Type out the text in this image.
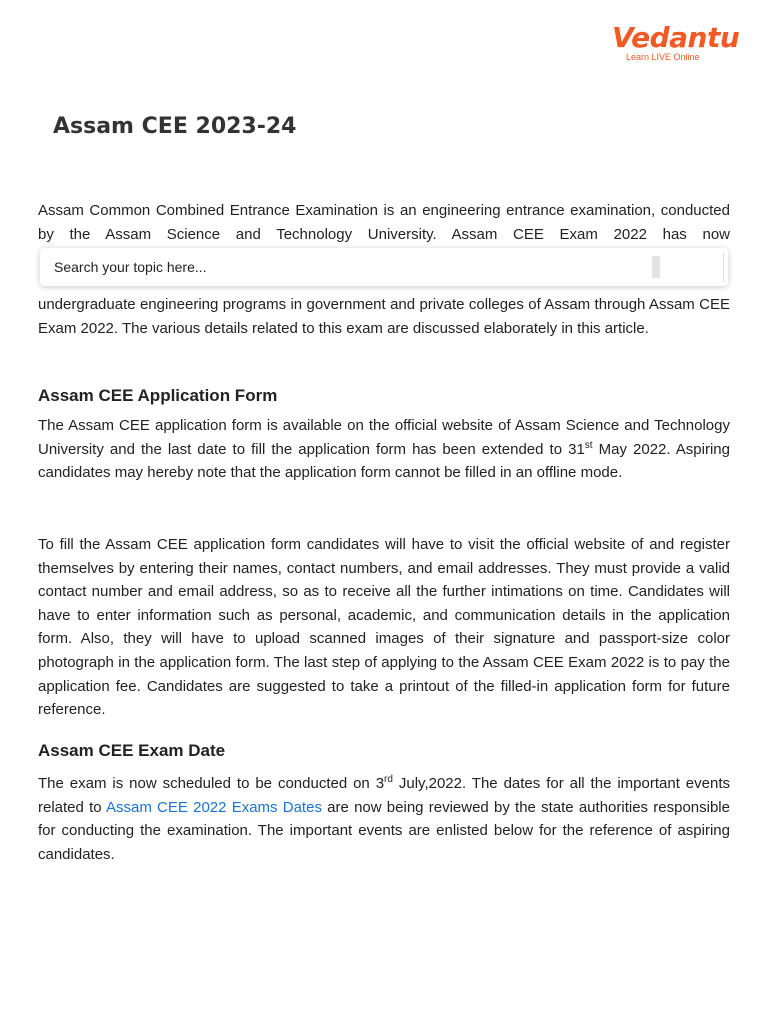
Vedantu
Learn LIVE Online
Assam CEE 2023-24

Assam Common Combined Entrance Examination is an engineering entrance examination, conducted by the Assam Science and Technology University. Assam CEE Exam 2022 has now

Search your topic here...

undergraduate engineering programs in government and private colleges of Assam through Assam CEE Exam 2022. The various details related to this exam are discussed elaborately in this article.

Assam CEE Application Form

The Assam CEE application form is available on the official website of Assam Science and Technology University and the last date to fill the application form has been extended to 31st May 2022. Aspiring candidates may hereby note that the application form cannot be filled in an offline mode.

To fill the Assam CEE application form candidates will have to visit the official website of and register themselves by entering their names, contact numbers, and email addresses. They must provide a valid contact number and email address, so as to receive all the further intimations on time. Candidates will have to enter information such as personal, academic, and communication details in the application form. Also, they will have to upload scanned images of their signature and passport-size color photograph in the application form. The last step of applying to the Assam CEE Exam 2022 is to pay the application fee. Candidates are suggested to take a printout of the filled-in application form for future reference.

Assam CEE Exam Date

The exam is now scheduled to be conducted on 3rd July,2022. The dates for all the important events related to Assam CEE 2022 Exams Dates are now being reviewed by the state authorities responsible for conducting the examination. The important events are enlisted below for the reference of aspiring candidates.
